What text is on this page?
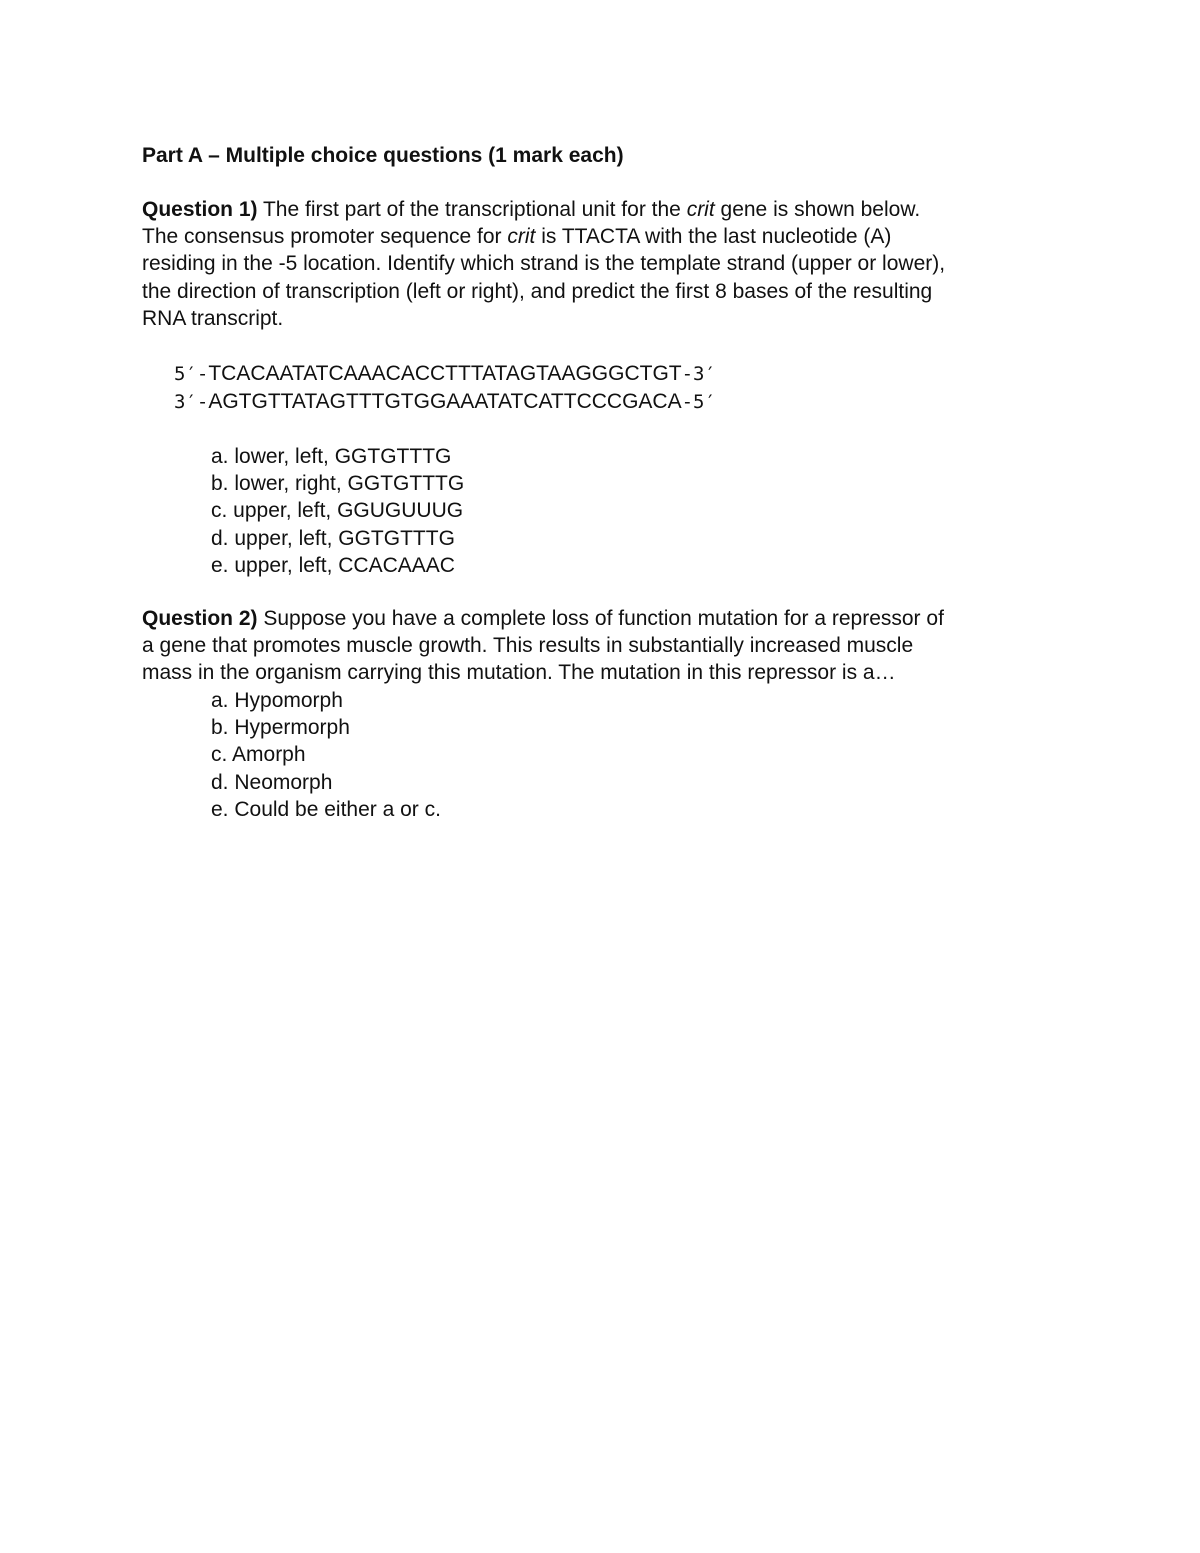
Part A – Multiple choice questions (1 mark each)
Question 1) The first part of the transcriptional unit for the crit gene is shown below.
The consensus promoter sequence for crit is TTACTA with the last nucleotide (A)
residing in the -5 location. Identify which strand is the template strand (upper or lower),
the direction of transcription (left or right), and predict the first 8 bases of the resulting
RNA transcript.
5′-TCACAATATCAAACACCTTTATAGTAAGGGCTGT-3′
3′-AGTGTTATAGTTTGTGGAAATATCATTCCCGACA-5′
a. lower, left, GGTGTTTG
b. lower, right, GGTGTTTG
c. upper, left, GGUGUUUG
d. upper, left, GGTGTTTG
e. upper, left, CCACAAAC
Question 2) Suppose you have a complete loss of function mutation for a repressor of
a gene that promotes muscle growth. This results in substantially increased muscle
mass in the organism carrying this mutation. The mutation in this repressor is a…
a. Hypomorph
b. Hypermorph
c. Amorph
d. Neomorph
e. Could be either a or c.
